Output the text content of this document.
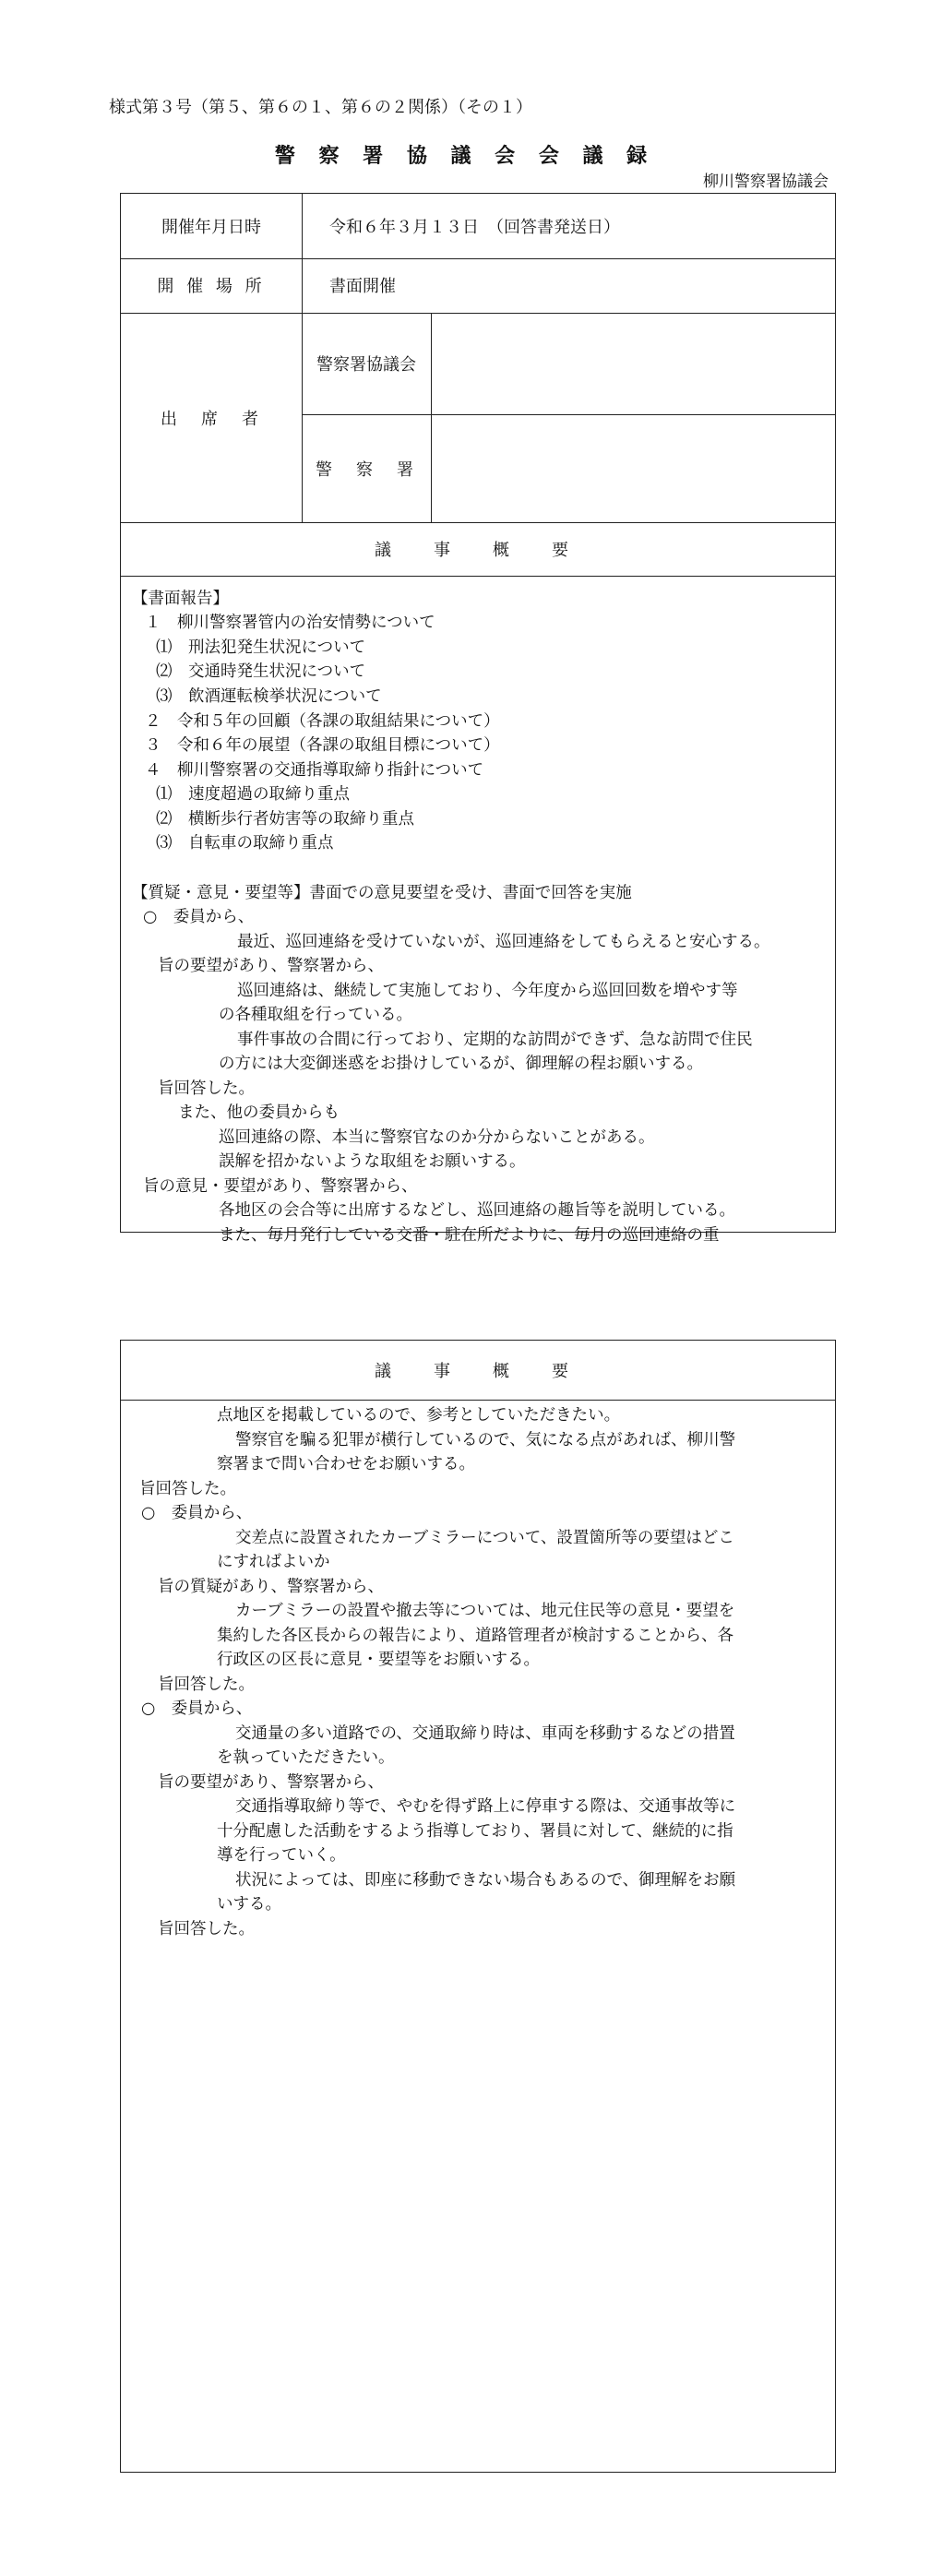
様式第３号（第５、第６の１、第６の２関係）（その１）
警 察 署 協 議 会 会 議 録
柳川警察署協議会
開催年月日時	令和６年３月１３日　（回答書発送日）
開 催 場 所	書面開催
出　席　者
警察署協議会
警　察　署
議　事　概　要
【書面報告】
１　柳川警察署管内の治安情勢について
⑴　刑法犯発生状況について
⑵　交通時発生状況について
⑶　飲酒運転検挙状況について
２　令和５年の回顧（各課の取組結果について）
３　令和６年の展望（各課の取組目標について）
４　柳川警察署の交通指導取締り指針について
⑴　速度超過の取締り重点
⑵　横断歩行者妨害等の取締り重点
⑶　自転車の取締り重点
【質疑・意見・要望等】書面での意見要望を受け、書面で回答を実施
○　委員から、
最近、巡回連絡を受けていないが、巡回連絡をしてもらえると安心する。
旨の要望があり、警察署から、
巡回連絡は、継続して実施しており、今年度から巡回回数を増やす等
の各種取組を行っている。
事件事故の合間に行っており、定期的な訪問ができず、急な訪問で住民
の方には大変御迷惑をお掛けしているが、御理解の程お願いする。
旨回答した。
また、他の委員からも
巡回連絡の際、本当に警察官なのか分からないことがある。
誤解を招かないような取組をお願いする。
旨の意見・要望があり、警察署から、
各地区の会合等に出席するなどし、巡回連絡の趣旨等を説明している。
また、毎月発行している交番・駐在所だよりに、毎月の巡回連絡の重
議　事　概　要
点地区を掲載しているので、参考としていただきたい。
警察官を騙る犯罪が横行しているので、気になる点があれば、柳川警
察署まで問い合わせをお願いする。
旨回答した。
○　委員から、
交差点に設置されたカーブミラーについて、設置箇所等の要望はどこ
にすればよいか
旨の質疑があり、警察署から、
カーブミラーの設置や撤去等については、地元住民等の意見・要望を
集約した各区長からの報告により、道路管理者が検討することから、各
行政区の区長に意見・要望等をお願いする。
旨回答した。
○　委員から、
交通量の多い道路での、交通取締り時は、車両を移動するなどの措置
を執っていただきたい。
旨の要望があり、警察署から、
交通指導取締り等で、やむを得ず路上に停車する際は、交通事故等に
十分配慮した活動をするよう指導しており、署員に対して、継続的に指
導を行っていく。
状況によっては、即座に移動できない場合もあるので、御理解をお願
いする。
旨回答した。
